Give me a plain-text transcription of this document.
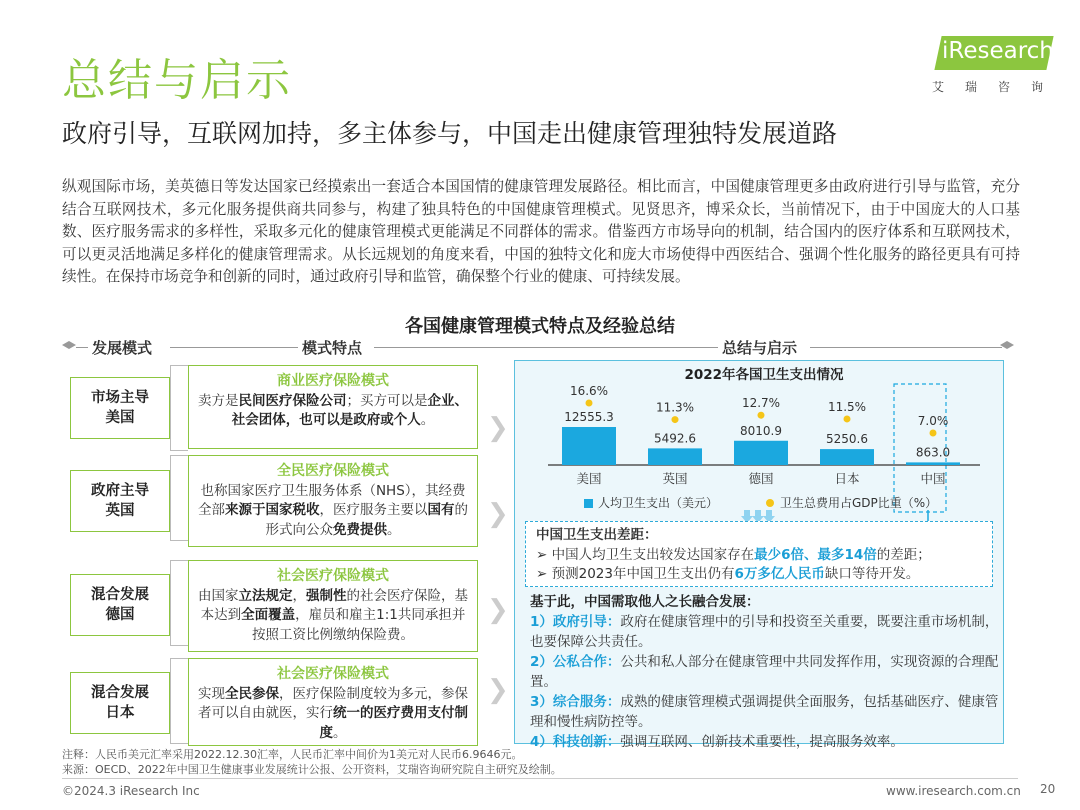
总结与启示
iResearch
艾瑞咨询
政府引导，互联网加持，多主体参与，中国走出健康管理独特发展道路
纵观国际市场，美英德日等发达国家已经摸索出一套适合本国国情的健康管理发展路径。相比而言，中国健康管理更多由政府进行引导与监管，充分结合互联网技术，多元化服务提供商共同参与，构建了独具特色的中国健康管理模式。见贤思齐，博采众长，当前情况下，由于中国庞大的人口基数、医疗服务需求的多样性，采取多元化的健康管理模式更能满足不同群体的需求。借鉴西方市场导向的机制，结合国内的医疗体系和互联网技术，可以更灵活地满足多样化的健康管理需求。从长远规划的角度来看，中国的独特文化和庞大市场使得中西医结合、强调个性化服务的路径更具有可持续性。在保持市场竞争和创新的同时，通过政府引导和监管，确保整个行业的健康、可持续发展。
各国健康管理模式特点及经验总结
发展模式	模式特点	总结与启示
市场主导
美国
商业医疗保险模式
卖方是民间医疗保险公司；买方可以是企业、社会团体，也可以是政府或个人。
政府主导
英国
全民医疗保险模式
也称国家医疗卫生服务体系（NHS），其经费全部来源于国家税收，医疗服务主要以国有的形式向公众免费提供。
混合发展
德国
社会医疗保险模式
由国家立法规定，强制性的社会医疗保险，基本达到全面覆盖，雇员和雇主1:1共同承担并按照工资比例缴纳保险费。
混合发展
日本
社会医疗保险模式
实现全民参保，医疗保险制度较为多元，参保者可以自由就医，实行统一的医疗费用支付制度。
❯
❯
❯
❯
2022年各国卫生支出情况
12555.3
16.6%
美国
5492.6
11.3%
英国
8010.9
12.7%
德国
5250.6
11.5%
日本
863.0
7.0%
中国
人均卫生支出（美元）	卫生总费用占GDP比重（%）
中国卫生支出差距：
➢ 中国人均卫生支出较发达国家存在最少6倍、最多14倍的差距；
➢ 预测2023年中国卫生支出仍有6万多亿人民币缺口等待开发。
基于此，中国需取他人之长融合发展：
1）政府引导：政府在健康管理中的引导和投资至关重要，既要注重市场机制，也要保障公共责任。
2）公私合作：公共和私人部分在健康管理中共同发挥作用，实现资源的合理配置。
3）综合服务：成熟的健康管理模式强调提供全面服务，包括基础医疗、健康管理和慢性病防控等。
4）科技创新：强调互联网、创新技术重要性，提高服务效率。
注释：人民币美元汇率采用2022.12.30汇率，人民币汇率中间价为1美元对人民币6.9646元。
来源：OECD、2022年中国卫生健康事业发展统计公报、公开资料，艾瑞咨询研究院自主研究及绘制。
©2024.3 iResearch Inc	www.iresearch.com.cn 20
